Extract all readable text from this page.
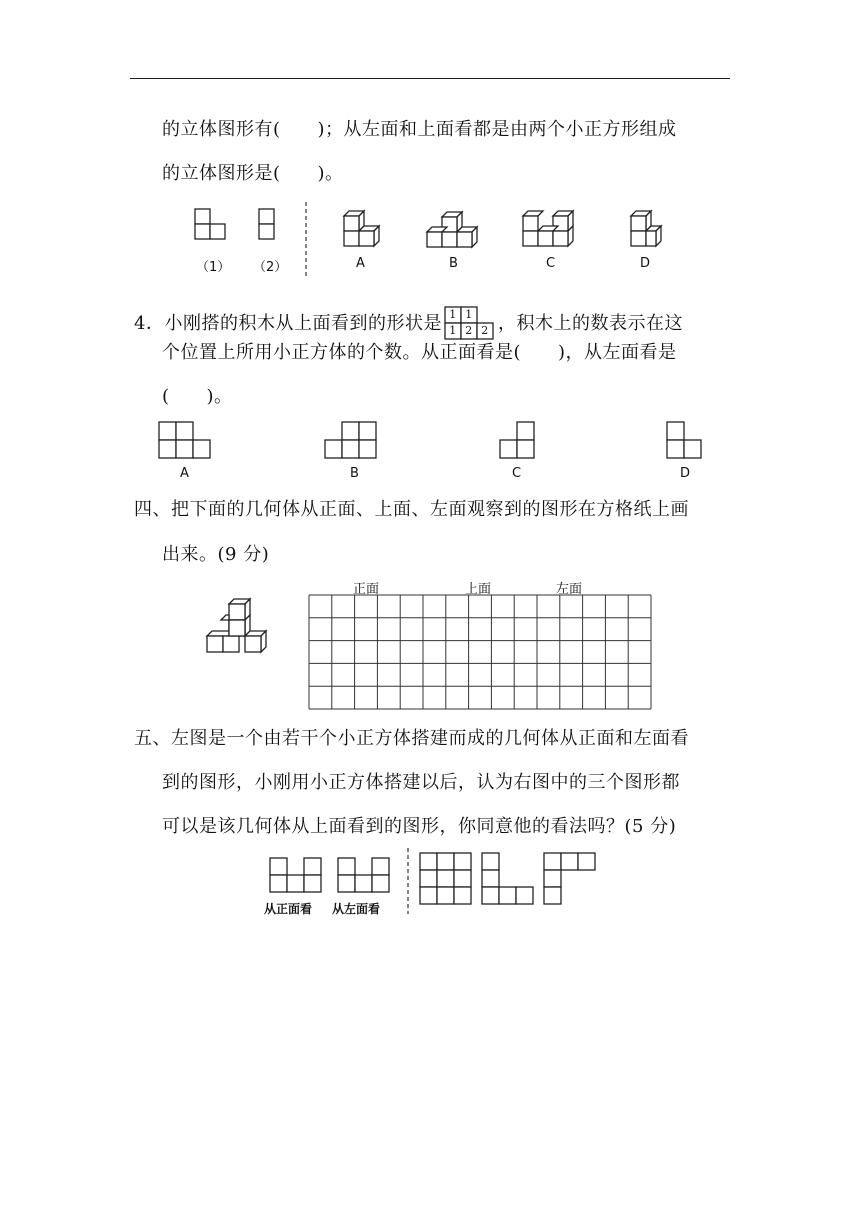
的立体图形有(　　)；从左面和上面看都是由两个小正方形组成
的立体图形是(　　)。
（1） （2）	A	B	C	D
4．小刚搭的积木从上面看到的形状是 1 1
1 2 2 ，积木上的数表示在这
个位置上所用小正方体的个数。从正面看是(　　)，从左面看是
(　　)。
A	B	C	D
四、把下面的几何体从正面、上面、左面观察到的图形在方格纸上画
出来。(9 分)
正面	上面	左面
五、左图是一个由若干个小正方体搭建而成的几何体从正面和左面看
到的图形，小刚用小正方体搭建以后，认为右图中的三个图形都
可以是该几何体从上面看到的图形，你同意他的看法吗？(5 分)
从正面看 从左面看
